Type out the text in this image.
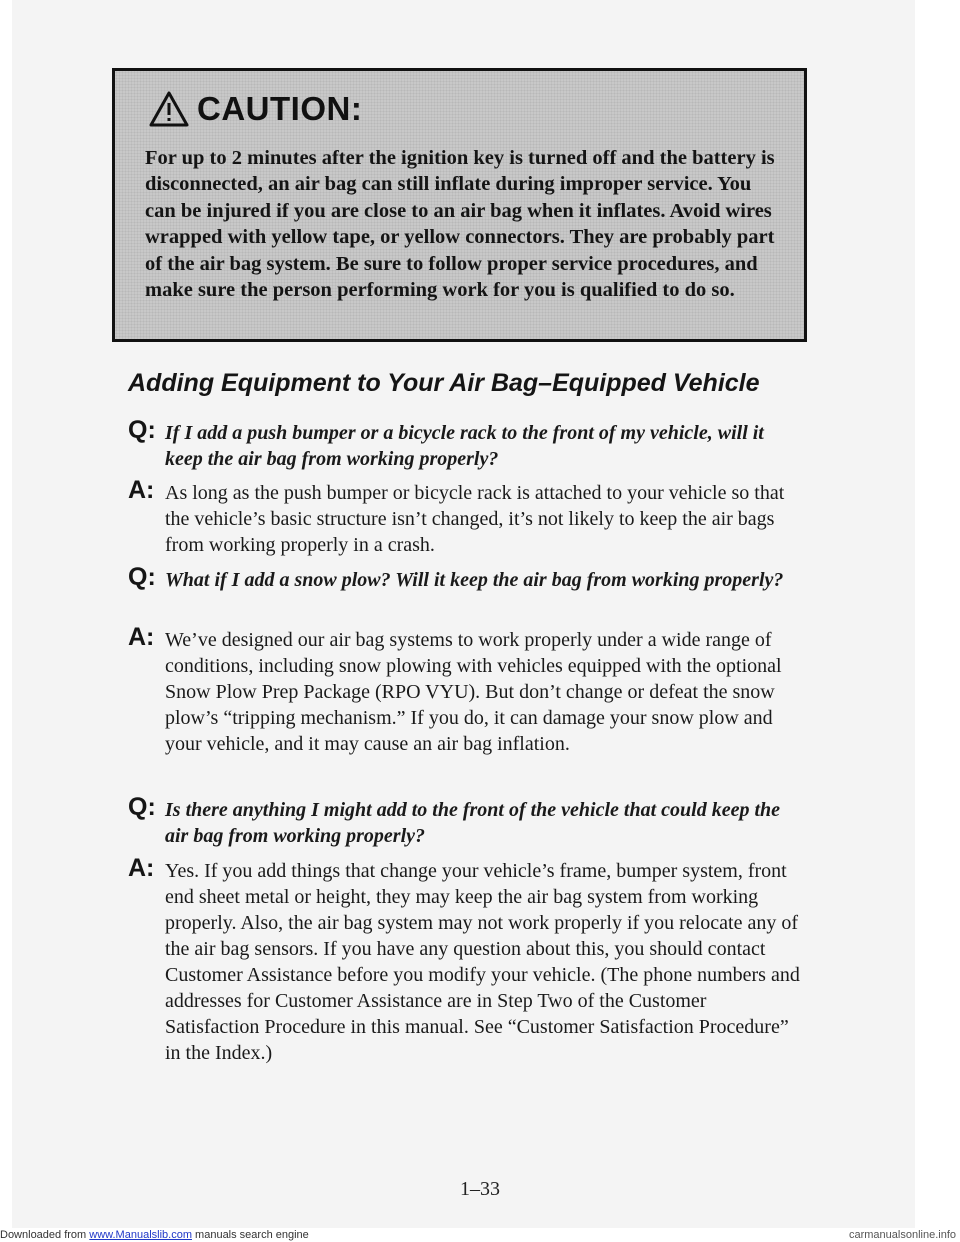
CAUTION:

For up to 2 minutes after the ignition key is turned off and the battery is disconnected, an air bag can still inflate during improper service. You can be injured if you are close to an air bag when it inflates. Avoid wires wrapped with yellow tape, or yellow connectors. They are probably part of the air bag system. Be sure to follow proper service procedures, and make sure the person performing work for you is qualified to do so.

Adding Equipment to Your Air Bag–Equipped Vehicle
Q: If I add a push bumper or a bicycle rack to the front of my vehicle, will it keep the air bag from working properly?

A: As long as the push bumper or bicycle rack is attached to your vehicle so that the vehicle’s basic structure isn’t changed, it’s not likely to keep the air bags from working properly in a crash.

Q: What if I add a snow plow? Will it keep the air bag from working properly?

A: We’ve designed our air bag systems to work properly under a wide range of conditions, including snow plowing with vehicles equipped with the optional Snow Plow Prep Package (RPO VYU). But don’t change or defeat the snow plow’s “tripping mechanism.” If you do, it can damage your snow plow and your vehicle, and it may cause an air bag inflation.

Q: Is there anything I might add to the front of the vehicle that could keep the air bag from working properly?

A: Yes. If you add things that change your vehicle’s frame, bumper system, front end sheet metal or height, they may keep the air bag system from working properly. Also, the air bag system may not work properly if you relocate any of the air bag sensors. If you have any question about this, you should contact Customer Assistance before you modify your vehicle. (The phone numbers and addresses for Customer Assistance are in Step Two of the Customer Satisfaction Procedure in this manual. See “Customer Satisfaction Procedure” in the Index.)

1–33

Downloaded from www.Manualslib.com manuals search engine	carmanualsonline.info
